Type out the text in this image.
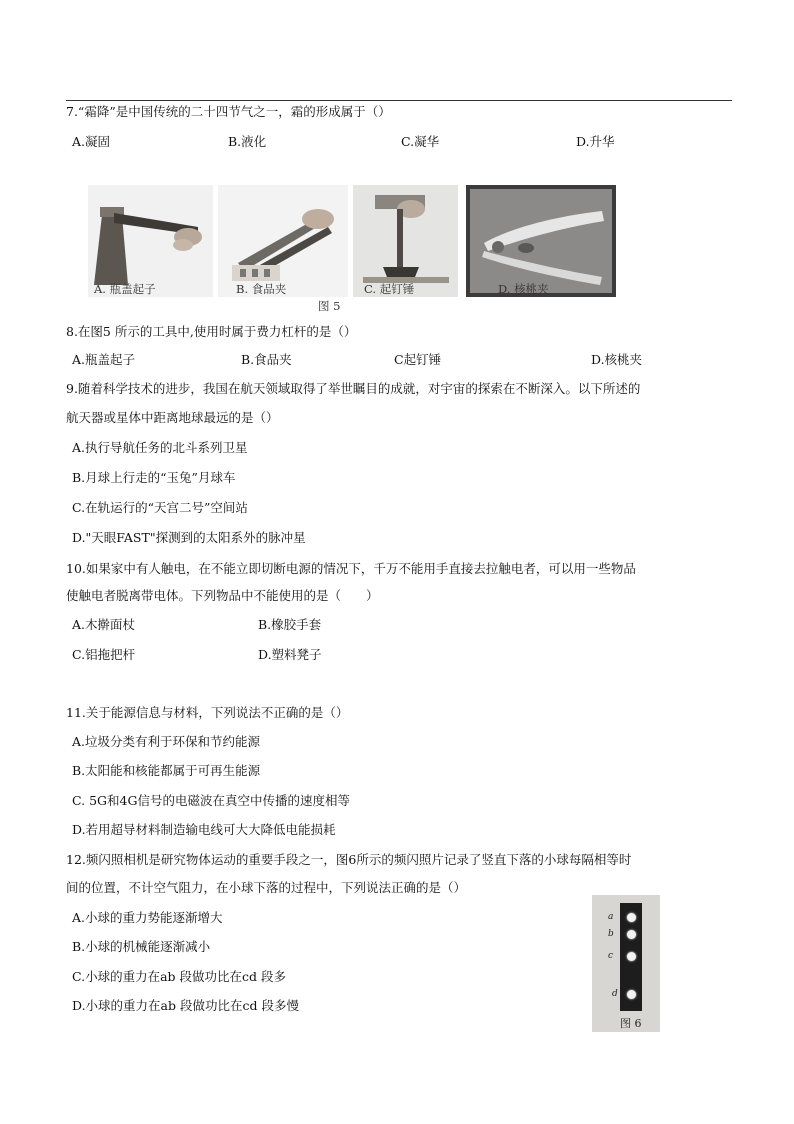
7.“霜降”是中国传统的二十四节气之一，霜的形成属于（）
A.凝固	B.液化	C.凝华	D.升华
A. 瓶盖起子	B. 食品夹	C. 起钉锤	D. 核桃夹
图 5
8.在图5 所示的工具中,使用时属于费力杠杆的是（）
A.瓶盖起子	B.食品夹	C起钉锤	D.核桃夹
9.随着科学技术的进步，我国在航天领域取得了举世瞩目的成就，对宇宙的探索在不断深入。以下所述的
航天器或星体中距离地球最远的是（）
A.执行导航任务的北斗系列卫星
B.月球上行走的“玉兔”月球车
C.在轨运行的“天宫二号”空间站
D."天眼FAST"探测到的太阳系外的脉冲星
10.如果家中有人触电，在不能立即切断电源的情况下，千万不能用手直接去拉触电者，可以用一些物品
使触电者脱离带电体。下列物品中不能使用的是（　　）
A.木擀面杖	B.橡胶手套
C.铝拖把杆	D.塑料凳子
11.关于能源信息与材料，下列说法不正确的是（）
A.垃圾分类有利于环保和节约能源
B.太阳能和核能都属于可再生能源
C. 5G和4G信号的电磁波在真空中传播的速度相等
D.若用超导材料制造输电线可大大降低电能损耗
12.频闪照相机是研究物体运动的重要手段之一，图6所示的频闪照片记录了竖直下落的小球每隔相等时
间的位置，不计空气阻力，在小球下落的过程中，下列说法正确的是（）
A.小球的重力势能逐渐增大
B.小球的机械能逐渐减小
C.小球的重力在ab 段做功比在cd 段多
D.小球的重力在ab 段做功比在cd 段多慢
a
b
c
d
图 6
